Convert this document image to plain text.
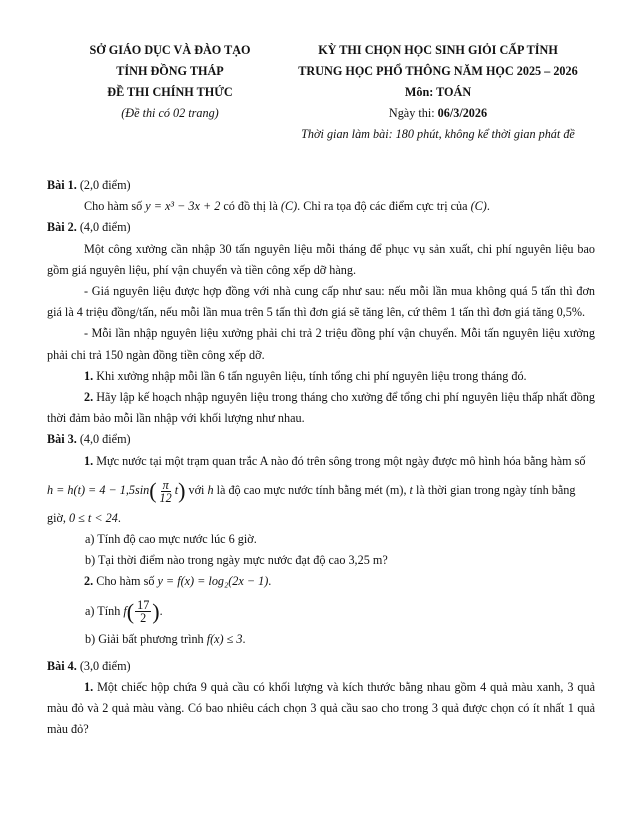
SỞ GIÁO DỤC VÀ ĐÀO TẠO
TỈNH ĐỒNG THÁP
ĐỀ THI CHÍNH THỨC
(Đề thi có 02 trang)
KỲ THI CHỌN HỌC SINH GIỎI CẤP TỈNH
TRUNG HỌC PHỔ THÔNG NĂM HỌC 2025 – 2026
Môn: TOÁN
Ngày thi: 06/3/2026
Thời gian làm bài: 180 phút, không kể thời gian phát đề

Bài 1. (2,0 điểm)

Cho hàm số y = x³ − 3x + 2 có đồ thị là (C). Chỉ ra tọa độ các điểm cực trị của (C).

Bài 2. (4,0 điểm)

Một công xưởng cần nhập 30 tấn nguyên liệu mỗi tháng để phục vụ sản xuất, chi phí nguyên liệu bao gồm giá nguyên liệu, phí vận chuyển và tiền công xếp dỡ hàng.

- Giá nguyên liệu được hợp đồng với nhà cung cấp như sau: nếu mỗi lần mua không quá 5 tấn thì đơn giá là 4 triệu đồng/tấn, nếu mỗi lần mua trên 5 tấn thì đơn giá sẽ tăng lên, cứ thêm 1 tấn thì đơn giá tăng 0,5%.

- Mỗi lần nhập nguyên liệu xưởng phải chi trả 2 triệu đồng phí vận chuyển. Mỗi tấn nguyên liệu xưởng phải chi trả 150 ngàn đồng tiền công xếp dỡ.

1. Khi xưởng nhập mỗi lần 6 tấn nguyên liệu, tính tổng chi phí nguyên liệu trong tháng đó.

2. Hãy lập kế hoạch nhập nguyên liệu trong tháng cho xưởng để tổng chi phí nguyên liệu thấp nhất đồng thời đảm bảo mỗi lần nhập với khối lượng như nhau.

Bài 3. (4,0 điểm)

1. Mực nước tại một trạm quan trắc A nào đó trên sông trong một ngày được mô hình hóa bằng hàm số

$h = h(t) = 4 - 1,5\sin( \frac{\pi}{12} t)$ với h là độ cao mực nước tính bằng mét (m), t là thời gian trong ngày tính bằng

giờ, 0 ≤ t < 24.

a) Tính độ cao mực nước lúc 6 giờ.

b) Tại thời điểm nào trong ngày mực nước đạt độ cao 3,25 m?

2. Cho hàm số y = f(x) = log₂(2x − 1).

a) Tính $f( \frac{17}{2}$ ).

b) Giải bất phương trình f(x) ≤ 3.

Bài 4. (3,0 điểm)

1. Một chiếc hộp chứa 9 quả cầu có khối lượng và kích thước bằng nhau gồm 4 quả màu xanh, 3 quả màu đỏ và 2 quả màu vàng. Có bao nhiêu cách chọn 3 quả cầu sao cho trong 3 quả được chọn có ít nhất 1 quả màu đỏ?
